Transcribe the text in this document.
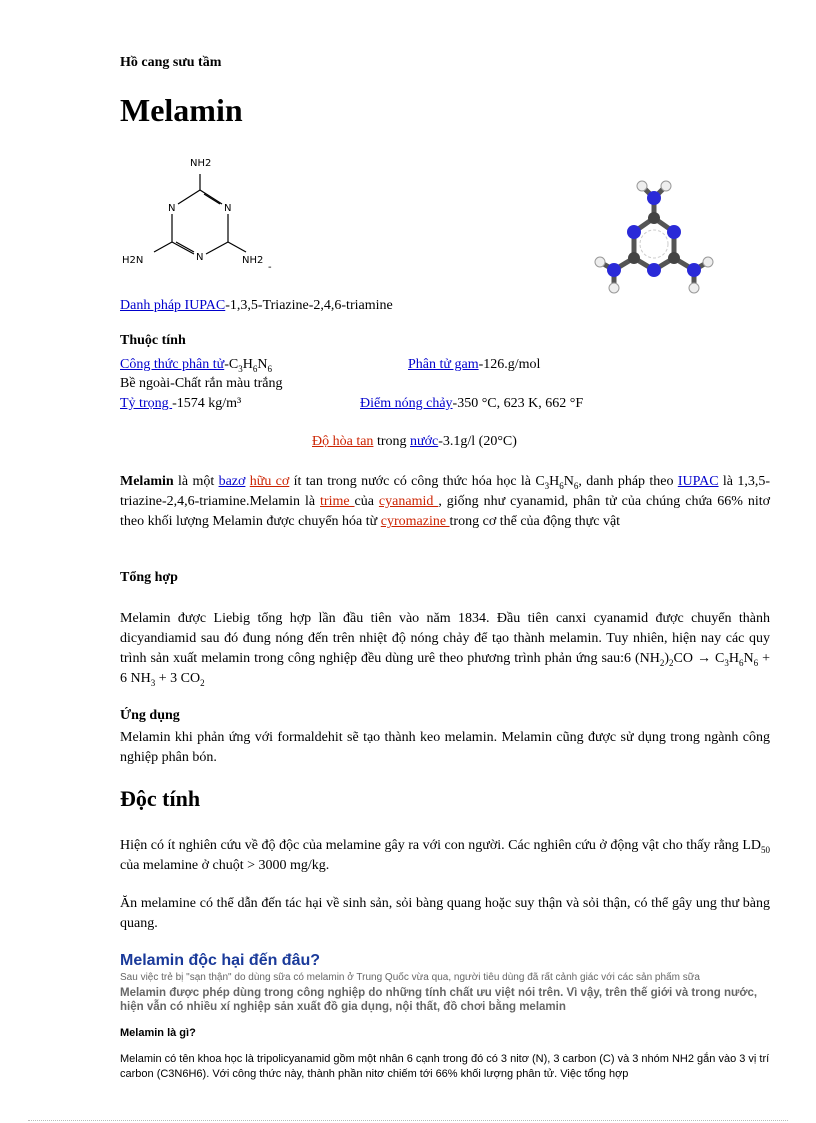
Hồ cang sưu tầm
Melamin
NH2
N	N
N
H2N	NH2
-
Danh pháp IUPAC-1,3,5-Triazine-2,4,6-triamine
Thuộc tính
Công thức phân $tử-C_3H_6N_6$	Phân tử gam-126.g/mol
Bề ngoài-Chất rắn màu trắng
Tỷ trọng -1574 kg/m³	Điểm nóng chảy-350 °C, 623 K, 662 °F
Độ hòa tan trong nước-3.1g/l (20°C)
Melamin là một bazơ hữu cơ ít tan trong nước có công thức hóa học là $C_3H_6N_6$, danh pháp theo IUPAC là 1,3,5-triazine-2,4,6-triamine.Melamin là trime của cyanamid , giống như cyanamid, phân tử của chúng chứa 66% nitơ theo khối lượng Melamin được chuyển hóa từ cyromazine trong cơ thể của động thực vật
Tổng hợp
Melamin được Liebig tổng hợp lần đầu tiên vào năm 1834. Đầu tiên canxi cyanamid được chuyển thành dicyandiamid sau đó đung nóng đến trên nhiệt độ nóng chảy để tạo thành melamin. Tuy nhiên, hiện nay các quy trình sản xuất melamin trong công nghiệp đều dùng urê theo phương trình phản ứng sau:6 $(NH_2)_2CO \to C_3H_6N_6 + 6$ $NH_3 + 3$ $CO_2$
Ứng dụng
Melamin khi phản ứng với formaldehit sẽ tạo thành keo melamin. Melamin cũng được sử dụng trong ngành công nghiệp phân bón.
Độc tính
Hiện có ít nghiên cứu về độ độc của melamine gây ra với con người. Các nghiên cứu ở động vật cho thấy rằng $LD_{50}$ của melamine ở chuột > 3000 mg/kg.
Ăn melamine có thể dẫn đến tác hại về sinh sản, sỏi bàng quang hoặc suy thận và sỏi thận, có thể gây ung thư bàng quang.
Melamin độc hại đến đâu?
Sau việc trẻ bị "sạn thận" do dùng sữa có melamin ở Trung Quốc vừa qua, người tiêu dùng đã rất cảnh giác với các sản phẩm sữa
Melamin được phép dùng trong công nghiệp do những tính chất ưu việt nói trên. Vì vậy, trên thế giới và trong nước, hiện vẫn có nhiều xí nghiệp sản xuất đồ gia dụng, nội thất, đồ chơi bằng melamin
Melamin là gì?
Melamin có tên khoa học là tripolicyanamid gồm một nhân 6 cạnh trong đó có 3 nitơ (N), 3 carbon (C) và 3 nhóm NH2 gắn vào 3 vị trí carbon (C3N6H6). Với công thức này, thành phần nitơ chiếm tới 66% khối lượng phân tử. Việc tổng hợp
